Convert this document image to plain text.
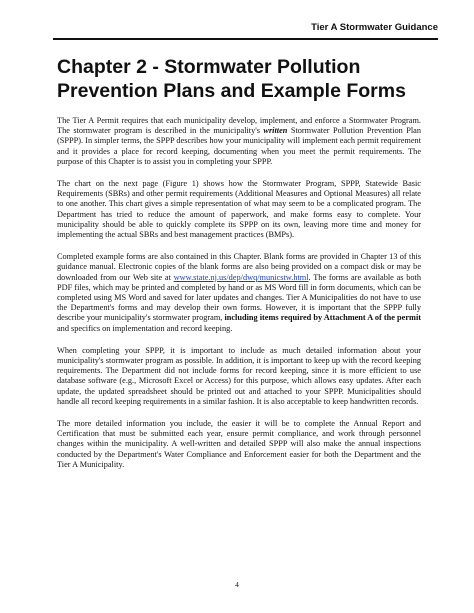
Tier A Stormwater Guidance
Chapter 2 - Stormwater Pollution Prevention Plans and Example Forms

The Tier A Permit requires that each municipality develop, implement, and enforce a Stormwater Program. The stormwater program is described in the municipality's written Stormwater Pollution Prevention Plan (SPPP). In simpler terms, the SPPP describes how your municipality will implement each permit requirement and it provides a place for record keeping, documenting when you meet the permit requirements. The purpose of this Chapter is to assist you in completing your SPPP.

The chart on the next page (Figure 1) shows how the Stormwater Program, SPPP, Statewide Basic Requirements (SBRs) and other permit requirements (Additional Measures and Optional Measures) all relate to one another. This chart gives a simple representation of what may seem to be a complicated program. The Department has tried to reduce the amount of paperwork, and make forms easy to complete. Your municipality should be able to quickly complete its SPPP on its own, leaving more time and money for implementing the actual SBRs and best management practices (BMPs).

Completed example forms are also contained in this Chapter. Blank forms are provided in Chapter 13 of this guidance manual. Electronic copies of the blank forms are also being provided on a compact disk or may be downloaded from our Web site at www.state.nj.us/dep/dwq/municstw.html. The forms are available as both PDF files, which may be printed and completed by hand or as MS Word fill in form documents, which can be completed using MS Word and saved for later updates and changes. Tier A Municipalities do not have to use the Department's forms and may develop their own forms. However, it is important that the SPPP fully describe your municipality's stormwater program, including items required by Attachment A of the permit and specifics on implementation and record keeping.

When completing your SPPP, it is important to include as much detailed information about your municipality's stormwater program as possible. In addition, it is important to keep up with the record keeping requirements. The Department did not include forms for record keeping, since it is more efficient to use database software (e.g., Microsoft Excel or Access) for this purpose, which allows easy updates. After each update, the updated spreadsheet should be printed out and attached to your SPPP. Municipalities should handle all record keeping requirements in a similar fashion. It is also acceptable to keep handwritten records.

The more detailed information you include, the easier it will be to complete the Annual Report and Certification that must be submitted each year, ensure permit compliance, and work through personnel changes within the municipality. A well-written and detailed SPPP will also make the annual inspections conducted by the Department's Water Compliance and Enforcement easier for both the Department and the Tier A Municipality.

4
